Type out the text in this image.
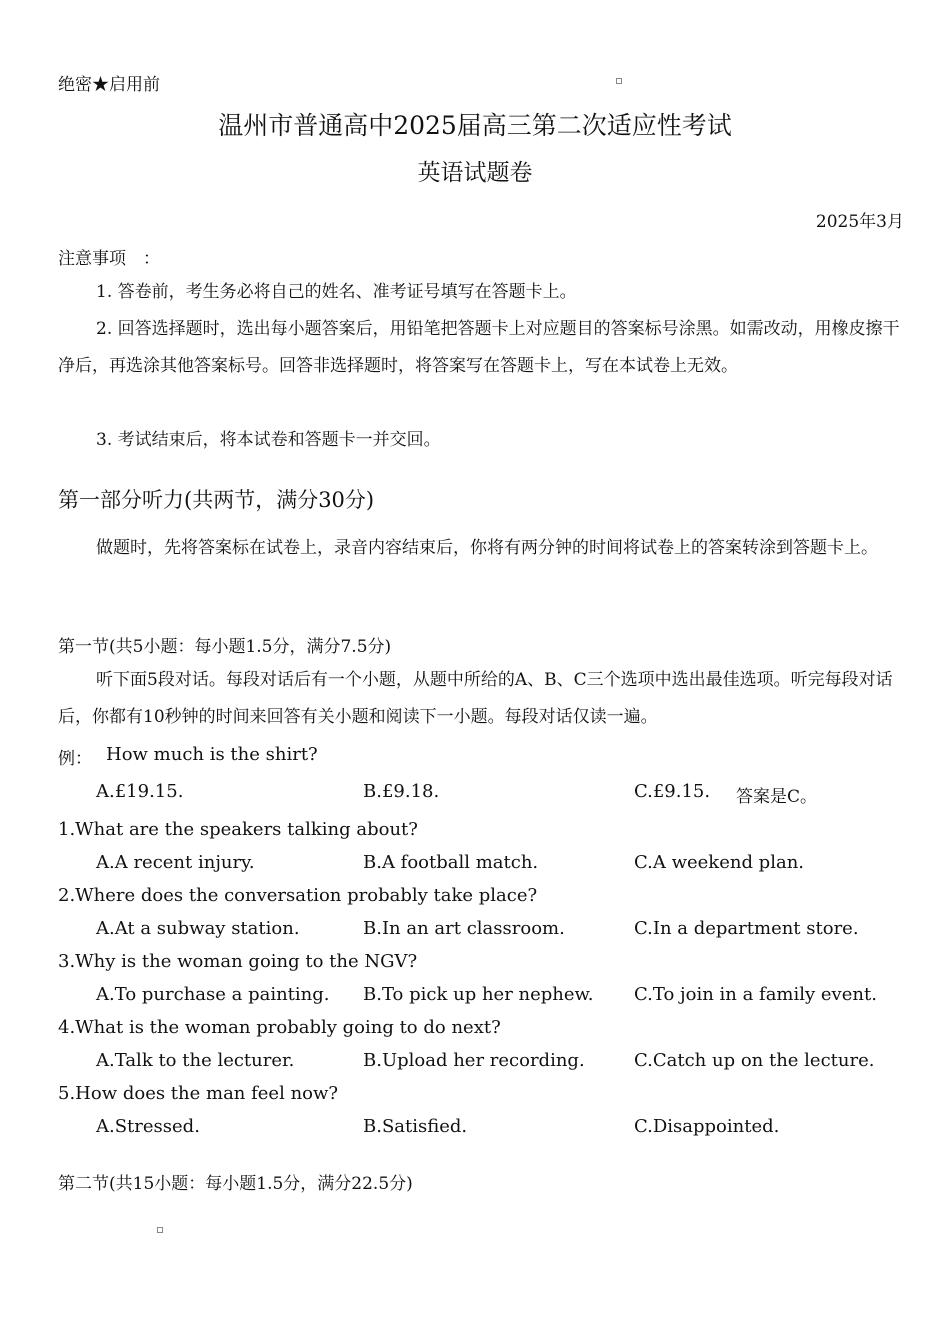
绝密★启用前
温州市普通高中2025届高三第二次适应性考试
英语试题卷
2025年3月
注意事项　：
1. 答卷前，考生务必将自己的姓名、准考证号填写在答题卡上。
2. 回答选择题时，选出每小题答案后，用铅笔把答题卡上对应题目的答案标号涂黑。如需改动，用橡皮擦干净后，再选涂其他答案标号。回答非选择题时，将答案写在答题卡上，写在本试卷上无效。
3. 考试结束后，将本试卷和答题卡一并交回。
第一部分听力(共两节，满分30分)
做题时，先将答案标在试卷上，录音内容结束后，你将有两分钟的时间将试卷上的答案转涂到答题卡上。
第一节(共5小题：每小题1.5分，满分7.5分)
听下面5段对话。每段对话后有一个小题，从题中所给的A、B、C三个选项中选出最佳选项。听完每段对话后，你都有10秒钟的时间来回答有关小题和阅读下一小题。每段对话仅读一遍。
例： How much is the shirt?
A.£19.15.	B.£9.18.	C.£9.15. 答案是C。
1.What are the speakers talking about?
A.A recent injury.	B.A football match.	C.A weekend plan.
2.Where does the conversation probably take place?
A.At a subway station.	B.In an art classroom.	C.In a department store.
3.Why is the woman going to the NGV?
A.To purchase a painting. B.To pick up her nephew. C.To join in a family event.
4.What is the woman probably going to do next?
A.Talk to the lecturer.	B.Upload her recording.	C.Catch up on the lecture.
5.How does the man feel now?
A.Stressed.	B.Satisfied.	C.Disappointed.
第二节(共15小题：每小题1.5分，满分22.5分)
